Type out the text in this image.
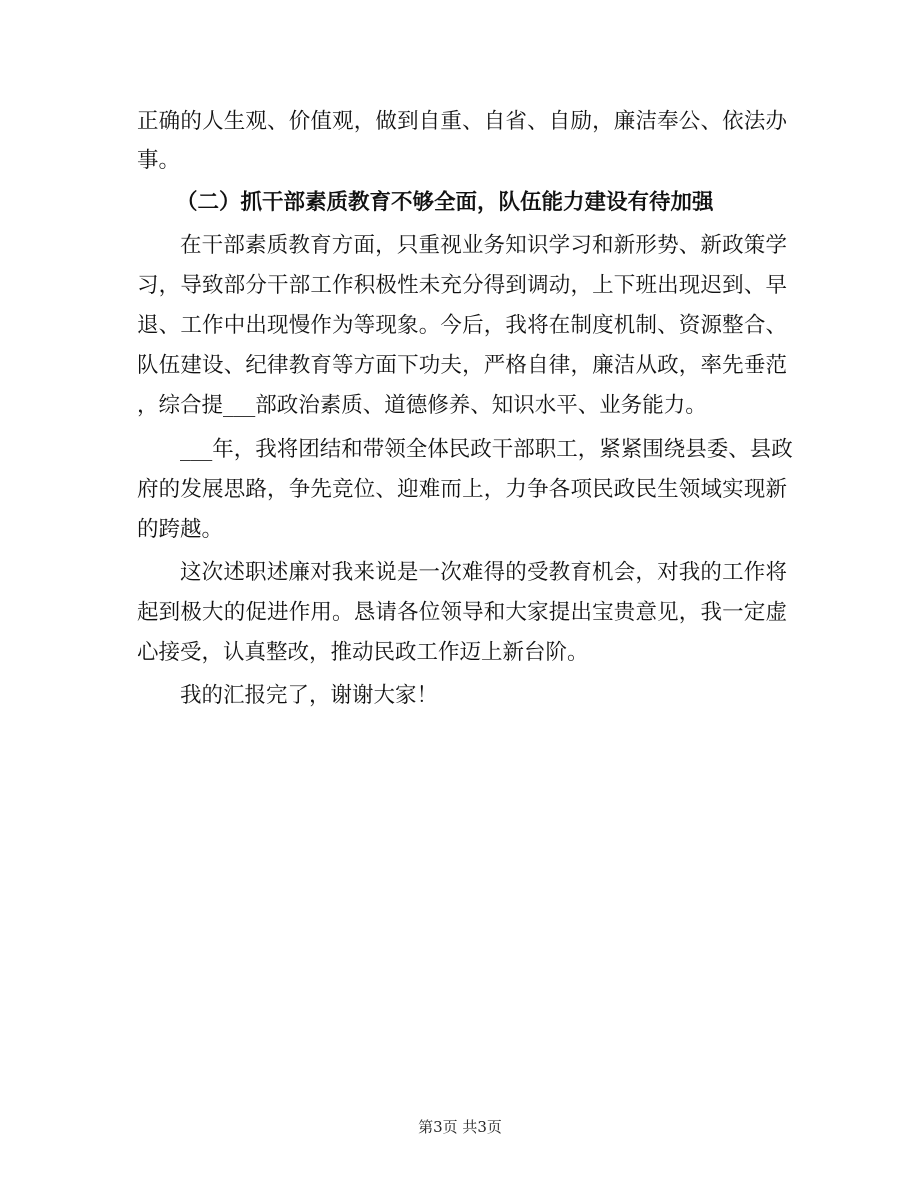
正确的人生观、价值观，做到自重、自省、自励，廉洁奉公、依法办
事。
（二）抓干部素质教育不够全面，队伍能力建设有待加强
在干部素质教育方面，只重视业务知识学习和新形势、新政策学
习，导致部分干部工作积极性未充分得到调动，上下班出现迟到、早
退、工作中出现慢作为等现象。今后，我将在制度机制、资源整合、
队伍建设、纪律教育等方面下功夫，严格自律，廉洁从政，率先垂范
，综合提___部政治素质、道德修养、知识水平、业务能力。
___年，我将团结和带领全体民政干部职工，紧紧围绕县委、县政
府的发展思路，争先竞位、迎难而上，力争各项民政民生领域实现新
的跨越。
这次述职述廉对我来说是一次难得的受教育机会，对我的工作将
起到极大的促进作用。恳请各位领导和大家提出宝贵意见，我一定虚
心接受，认真整改，推动民政工作迈上新台阶。
我的汇报完了，谢谢大家！
第3页 共3页
